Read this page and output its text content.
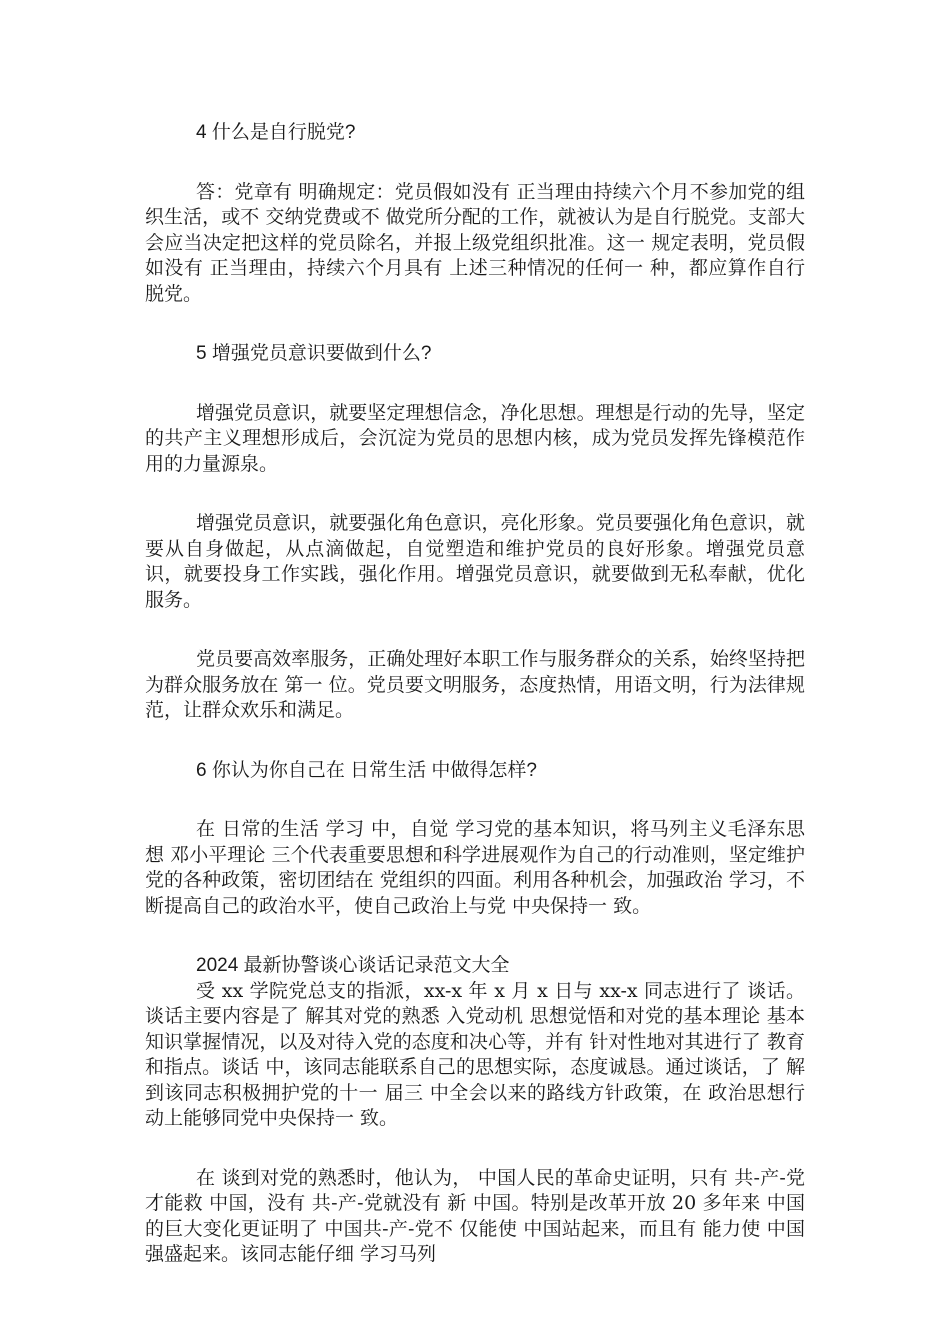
4 什么是自行脱党?

答：党章有 明确规定：党员假如没有 正当理由持续六个月不参加党的组织生活，或不 交纳党费或不 做党所分配的工作，就被认为是自行脱党。支部大会应当决定把这样的党员除名，并报上级党组织批准。这一 规定表明，党员假如没有 正当理由，持续六个月具有 上述三种情况的任何一 种，都应算作自行脱党。

5 增强党员意识要做到什么?

增强党员意识，就要坚定理想信念，净化思想。理想是行动的先导，坚定的共产主义理想形成后，会沉淀为党员的思想内核，成为党员发挥先锋模范作用的力量源泉。

增强党员意识，就要强化角色意识，亮化形象。党员要强化角色意识，就要从自身做起，从点滴做起，自觉塑造和维护党员的良好形象。增强党员意识，就要投身工作实践，强化作用。增强党员意识，就要做到无私奉献，优化服务。

党员要高效率服务，正确处理好本职工作与服务群众的关系，始终坚持把为群众服务放在 第一 位。党员要文明服务，态度热情，用语文明，行为法律规范，让群众欢乐和满足。

6 你认为你自己在 日常生活 中做得怎样?

在 日常的生活 学习 中，自觉 学习党的基本知识，将马列主义毛泽东思想 邓小平理论 三个代表重要思想和科学进展观作为自己的行动准则，坚定维护党的各种政策，密切团结在 党组织的四面。利用各种机会，加强政治 学习，不 断提高自己的政治水平，使自己政治上与党 中央保持一 致。

2024 最新协警谈心谈话记录范文大全

受 xx 学院党总支的指派，xx-x 年 x 月 x 日与 xx-x 同志进行了 谈话。谈话主要内容是了 解其对党的熟悉 入党动机 思想觉悟和对党的基本理论 基本知识掌握情况，以及对待入党的态度和决心等，并有 针对性地对其进行了 教育和指点。谈话 中，该同志能联系自己的思想实际，态度诚恳。通过谈话，了 解到该同志积极拥护党的十一 届三 中全会以来的路线方针政策，在 政治思想行动上能够同党中央保持一 致。

在 谈到对党的熟悉时，他认为， 中国人民的革命史证明，只有 共-产-党才能救 中国，没有 共-产-党就没有 新 中国。特别是改革开放 20 多年来 中国的巨大变化更证明了 中国共-产-党不 仅能使 中国站起来，而且有 能力使 中国强盛起来。该同志能仔细 学习马列
